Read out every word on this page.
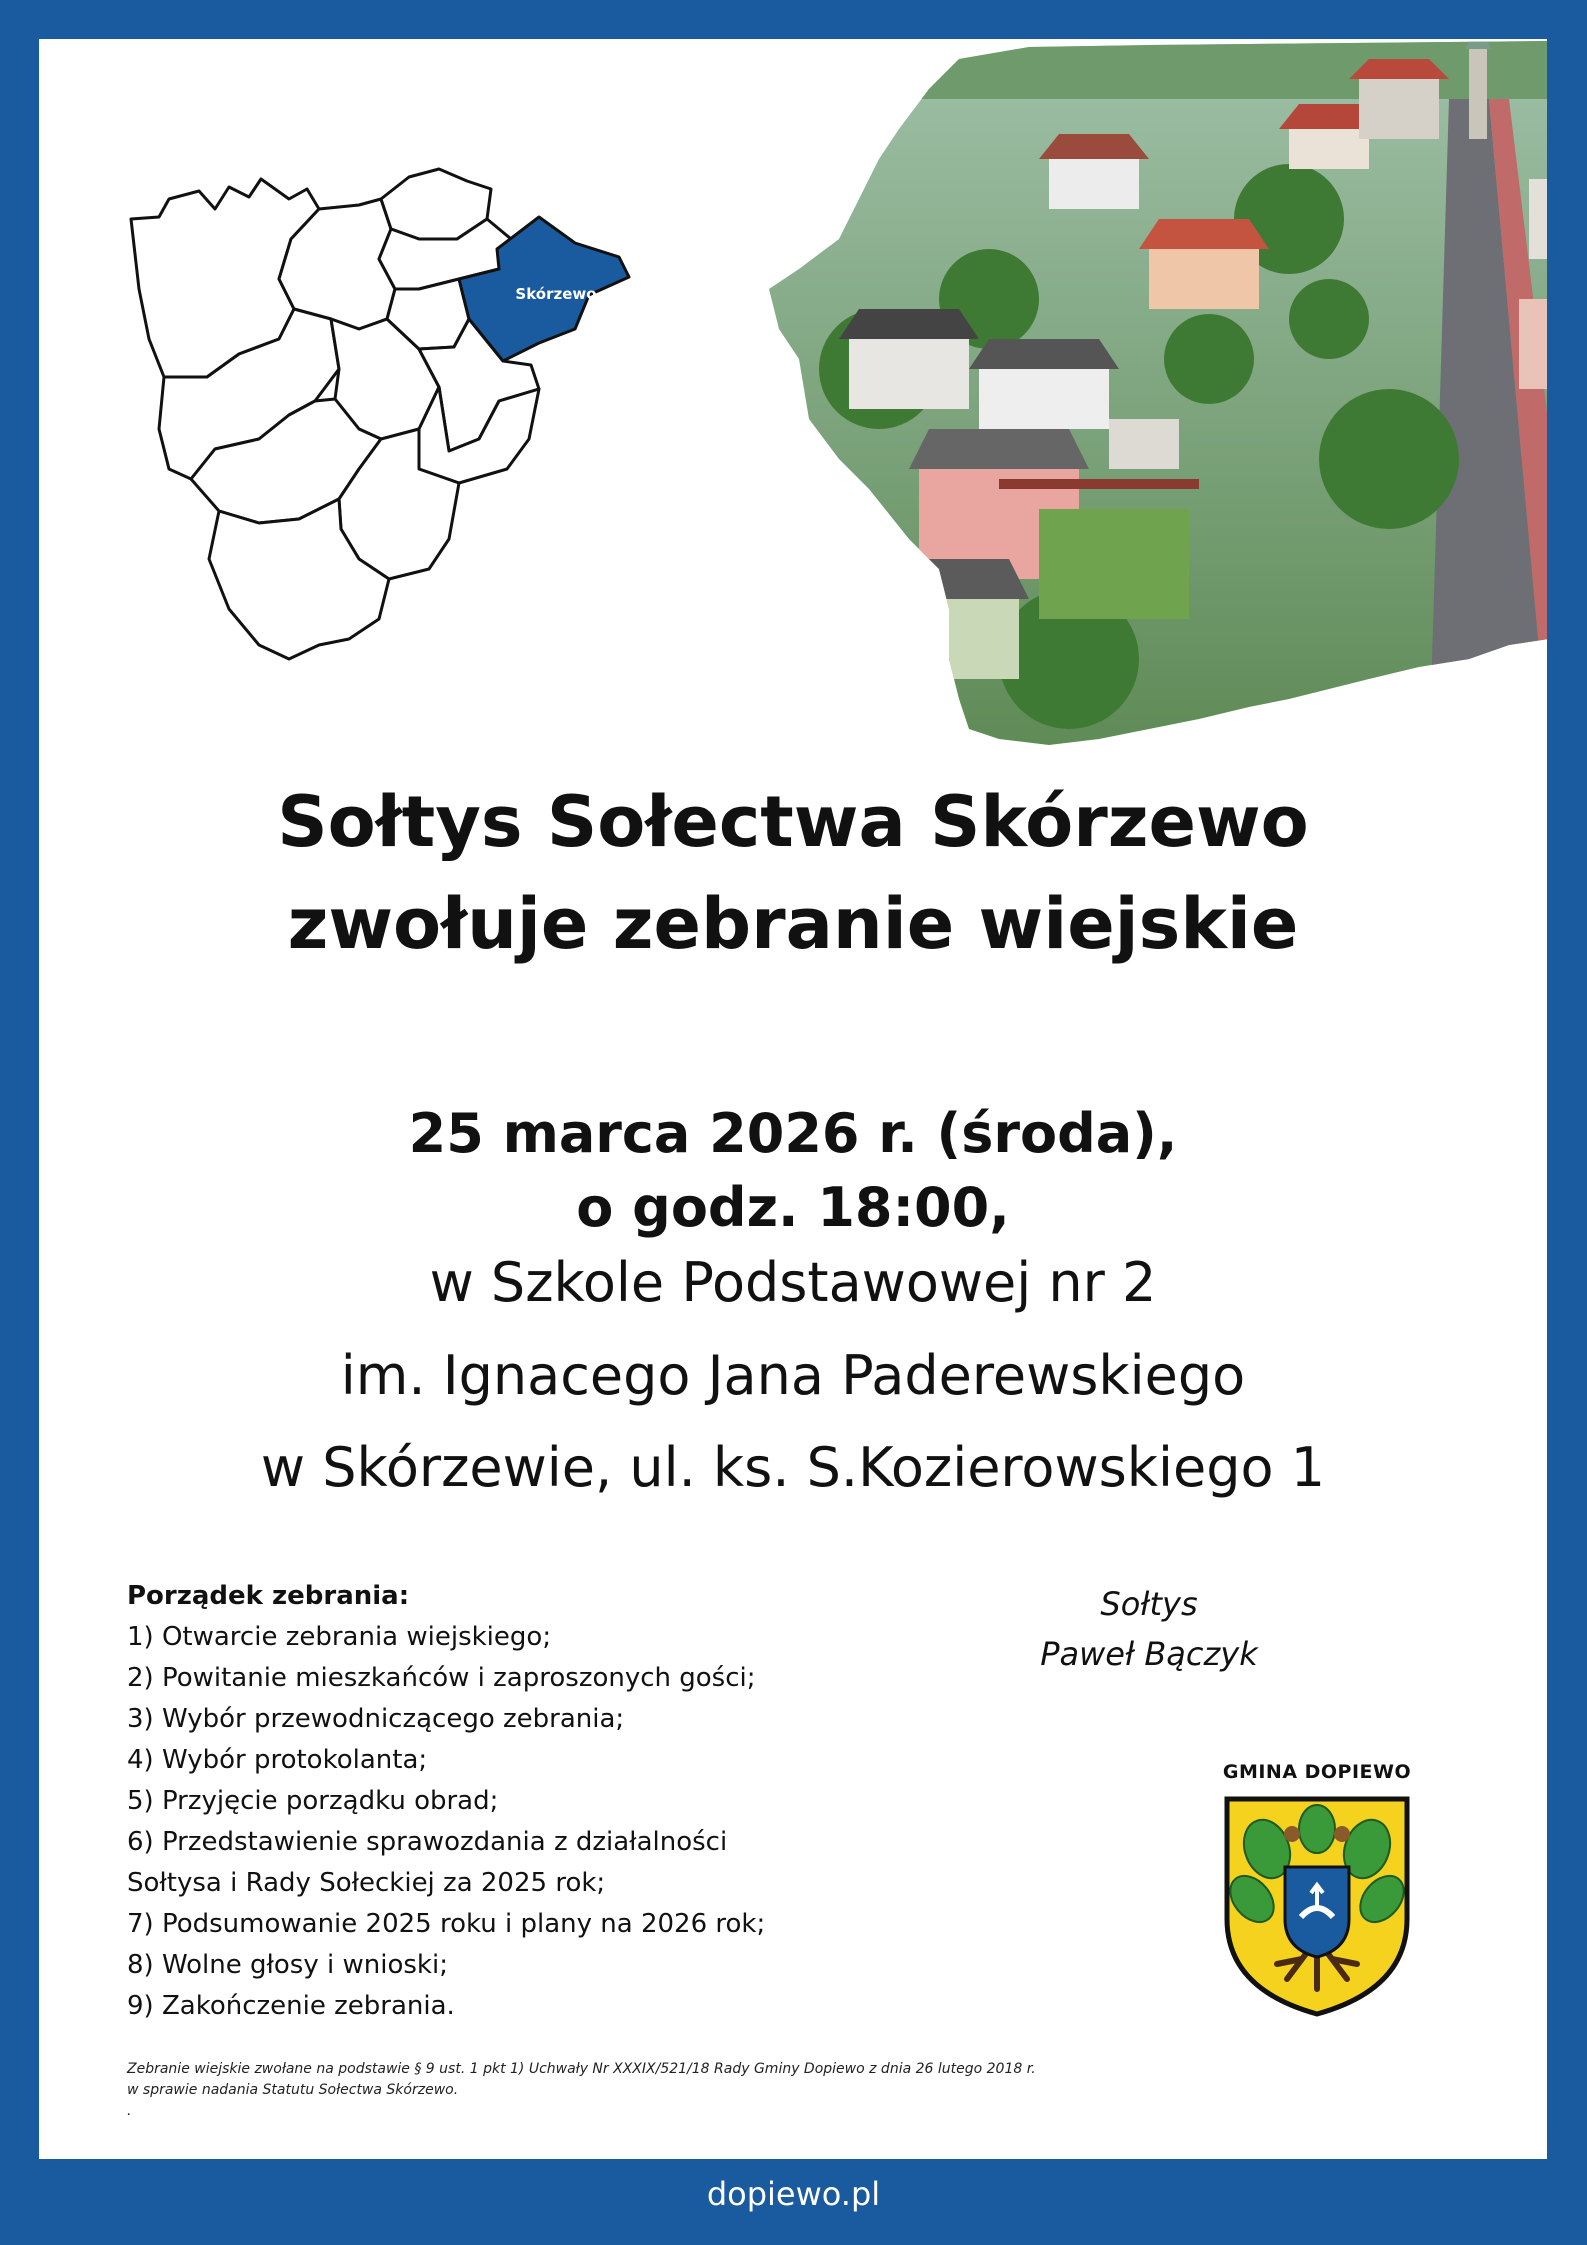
Skórzewo
Sołtys Sołectwa Skórzewo
zwołuje zebranie wiejskie
25 marca 2026 r. (środa),
o godz. 18:00,
w Szkole Podstawowej nr 2
im. Ignacego Jana Paderewskiego
w Skórzewie, ul. ks. S.Kozierowskiego 1
Porządek zebrania:
1) Otwarcie zebrania wiejskiego;
2) Powitanie mieszkańców i zaproszonych gości;
3) Wybór przewodniczącego zebrania;
4) Wybór protokolanta;
5) Przyjęcie porządku obrad;
6) Przedstawienie sprawozdania z działalności
Sołtysa i Rady Sołeckiej za 2025 rok;
7) Podsumowanie 2025 roku i plany na 2026 rok;
8) Wolne głosy i wnioski;
9) Zakończenie zebrania.
Sołtys
Paweł Bączyk
GMINA DOPIEWO
Zebranie wiejskie zwołane na podstawie § 9 ust. 1 pkt 1) Uchwały Nr XXXIX/521/18 Rady Gminy Dopiewo z dnia 26 lutego 2018 r.
w sprawie nadania Statutu Sołectwa Skórzewo.
.
dopiewo.pl
